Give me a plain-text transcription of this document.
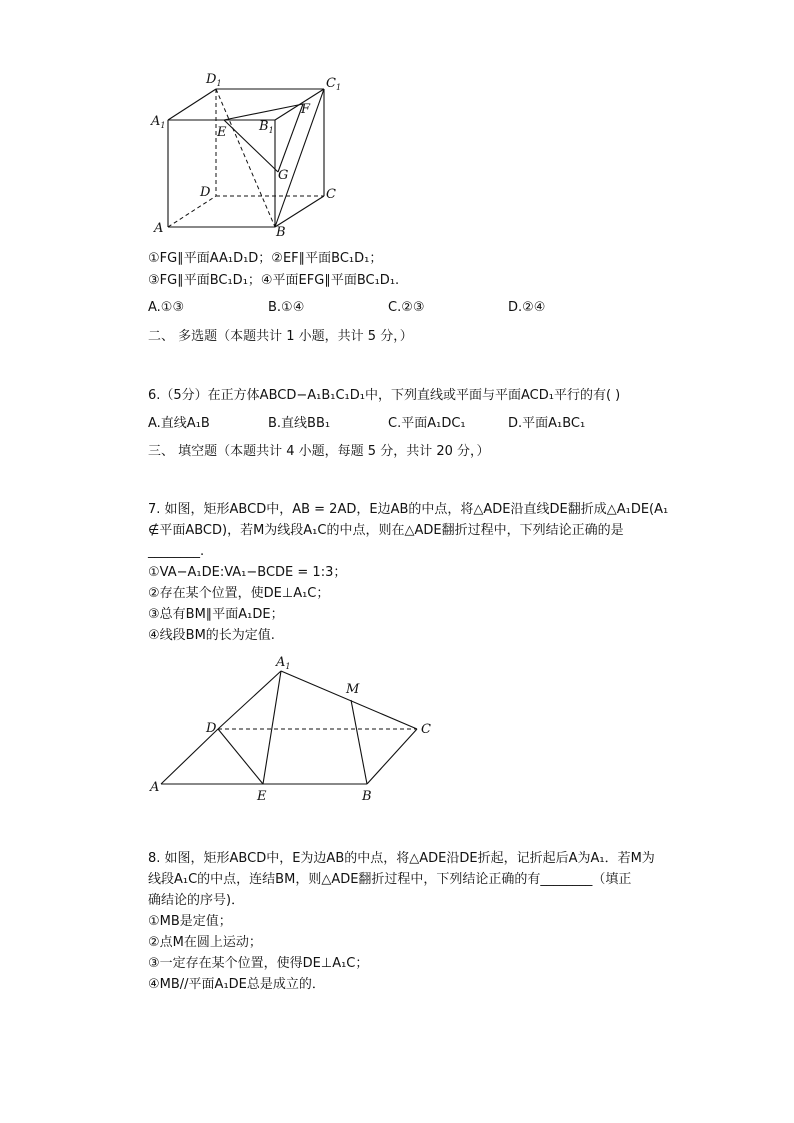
$A_1$
$D_1$	$C_1$
$B_1$
E
F
G
D	C
A	B
①FG∥平面AA₁D₁D；②EF∥平面BC₁D₁；
③FG∥平面BC₁D₁；④平面EFG∥平面BC₁D₁.
A.①③	B.①④	C.②③	D.②④
二、 多选题（本题共计 1 小题，共计 5 分，）
6.（5分）在正方体ABCD−A₁B₁C₁D₁中，下列直线或平面与平面ACD₁平行的有( )
A.直线A₁B	B.直线BB₁	C.平面A₁DC₁	D.平面A₁BC₁
三、 填空题（本题共计 4 小题，每题 5 分，共计 20 分，）
7. 如图，矩形ABCD中，AB = 2AD，E边AB的中点，将△ADE沿直线DE翻折成△A₁DE(A₁
∉平面ABCD)，若M为线段A₁C的中点，则在△ADE翻折过程中，下列结论正确的是
________.
①VA−A₁DE:VA₁−BCDE = 1:3；
②存在某个位置，使DE⊥A₁C；
③总有BM∥平面A₁DE；
④线段BM的长为定值.
$A_1$
M
D	C
A
E	B
8. 如图，矩形ABCD中，E为边AB的中点，将△ADE沿DE折起，记折起后A为A₁．若M为
线段A₁C的中点，连结BM，则△ADE翻折过程中，下列结论正确的有________（填正
确结论的序号)．
①MB是定值；
②点M在圆上运动；
③一定存在某个位置，使得DE⊥A₁C；
④MB//平面A₁DE总是成立的．
